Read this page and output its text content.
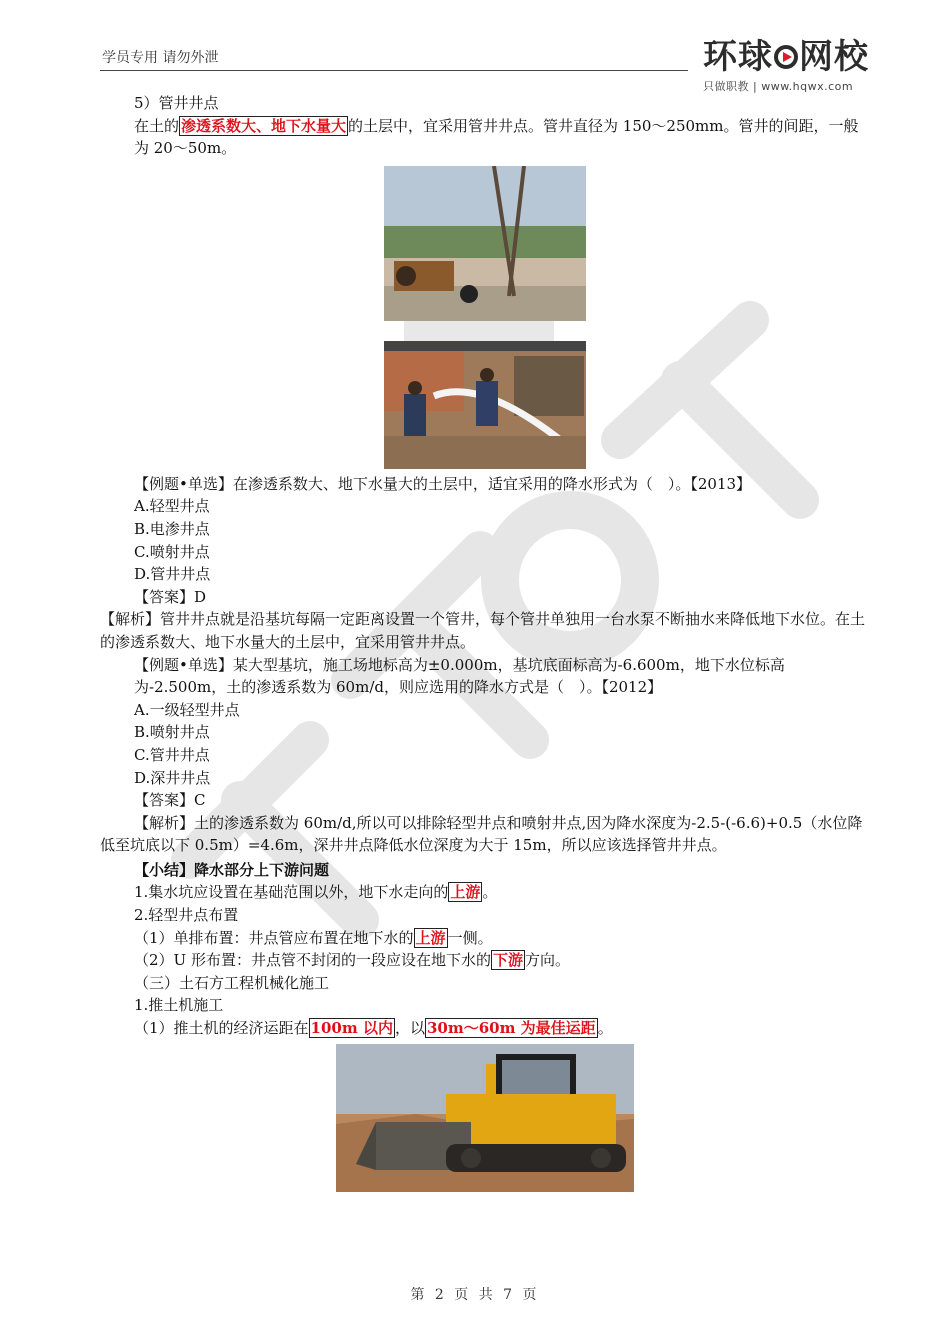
学员专用 请勿外泄	环球 网校
只做职教 | www.hqwx.com

5）管井井点

在土的 渗透系数大、地下水量大 的土层中，宜采用管井井点。管井直径为 150～250mm。管井的间距，一般为 20～50m。

【例题•单选】在渗透系数大、地下水量大的土层中，适宜采用的降水形式为（　）。【2013】

A.轻型井点

B.电渗井点

C.喷射井点

D.管井井点

【答案】D

【解析】管井井点就是沿基坑每隔一定距离设置一个管井，每个管井单独用一台水泵不断抽水来降低地下水位。在土的渗透系数大、地下水量大的土层中，宜采用管井井点。

【例题•单选】某大型基坑，施工场地标高为±0.000m，基坑底面标高为-6.600m，地下水位标高为-2.500m，土的渗透系数为 60m/d，则应选用的降水方式是（　）。【2012】

A.一级轻型井点

B.喷射井点

C.管井井点

D.深井井点

【答案】C

【解析】土的渗透系数为 60m/d,所以可以排除轻型井点和喷射井点,因为降水深度为-2.5-(-6.6)+0.5（水位降低至坑底以下 0.5m）=4.6m，深井井点降低水位深度为大于 15m，所以应该选择管井井点。

【小结】降水部分上下游问题

1.集水坑应设置在基础范围以外，地下水走向的 上游 。

2.轻型井点布置

（1）单排布置：井点管应布置在地下水的 上游 一侧。

（2）U 形布置：井点管不封闭的一段应设在地下水的 下游 方向。

（三）土石方工程机械化施工

1.推土机施工

（1）推土机的经济运距在 100m 以内 ，以 30m～60m 为最佳运距 。

第 2 页 共 7 页
